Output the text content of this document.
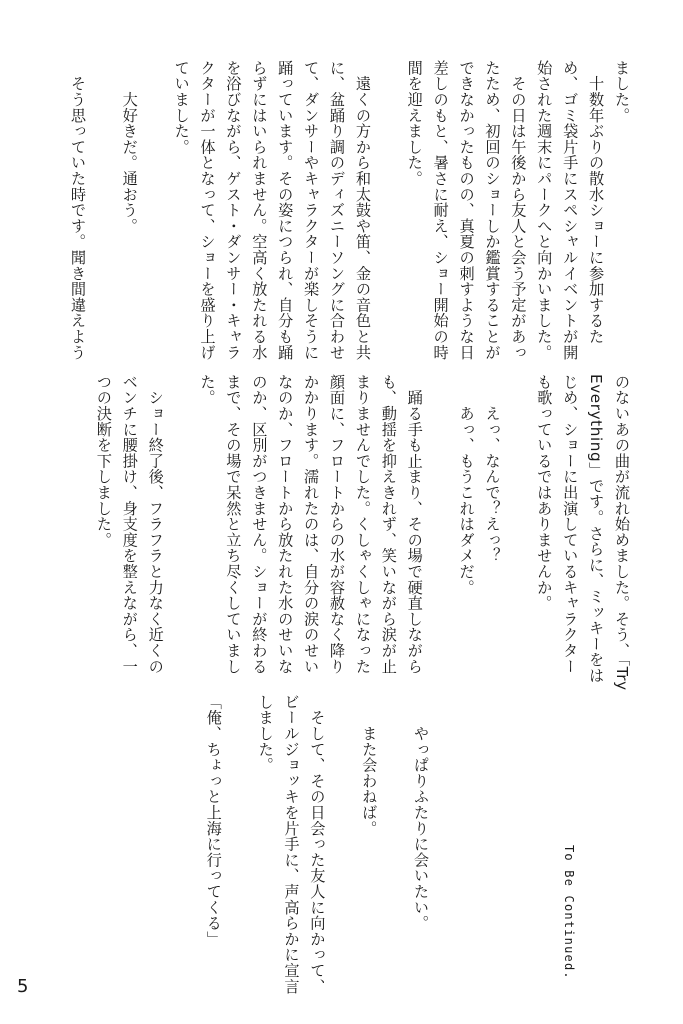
ました。
　十数年ぶりの散水ショーに参加するた
め、ゴミ袋片手にスペシャルイベントが開
始された週末にパークへと向かいました。
　その日は午後から友人と会う予定があっ
たため、初回のショーしか鑑賞することが
できなかったものの、真夏の刺すような日
差しのもと、暑さに耐え、ショー開始の時
間を迎えました。

　遠くの方から和太鼓や笛、金の音色と共
に、盆踊り調のディズニーソングに合わせ
て、ダンサーやキャラクターが楽しそうに
踊っています。その姿につられ、自分も踊
らずにはいられません。空高く放たれる水
を浴びながら、ゲスト・ダンサー・キャラ
クターが一体となって、ショーを盛り上げ
ていました。

　　大好きだ。通おう。

　そう思っていた時です。聞き間違えよう
のないあの曲が流れ始めました。そう、「Try
Everything」です。さらに、ミッキーをは
じめ、ショーに出演しているキャラクター
も歌っているではありませんか。

　　えっ、なんで？えっ？
　　あっ、もうこれはダメだ。

　踊る手も止まり、その場で硬直しながら
も、動揺を抑えきれず、笑いながら涙が止
まりませんでした。くしゃくしゃになった
顔面に、フロートからの水が容赦なく降り
かかります。濡れたのは、自分の涙のせい
なのか、フロートから放たれた水のせいな
のか、区別がつきません。ショーが終わる
まで、その場で呆然と立ち尽くしていまし
た。

　ショー終了後、フラフラと力なく近くの
ベンチに腰掛け、身支度を整えながら、一
つの決断を下しました。
　　やっぱりふたりに会いたい。

　　また会わねば。

　そして、その日会った友人に向かって、
ビールジョッキを片手に、声高らかに宣言
しました。

「俺、ちょっと上海に行ってくる」	To Be Continued.
5
